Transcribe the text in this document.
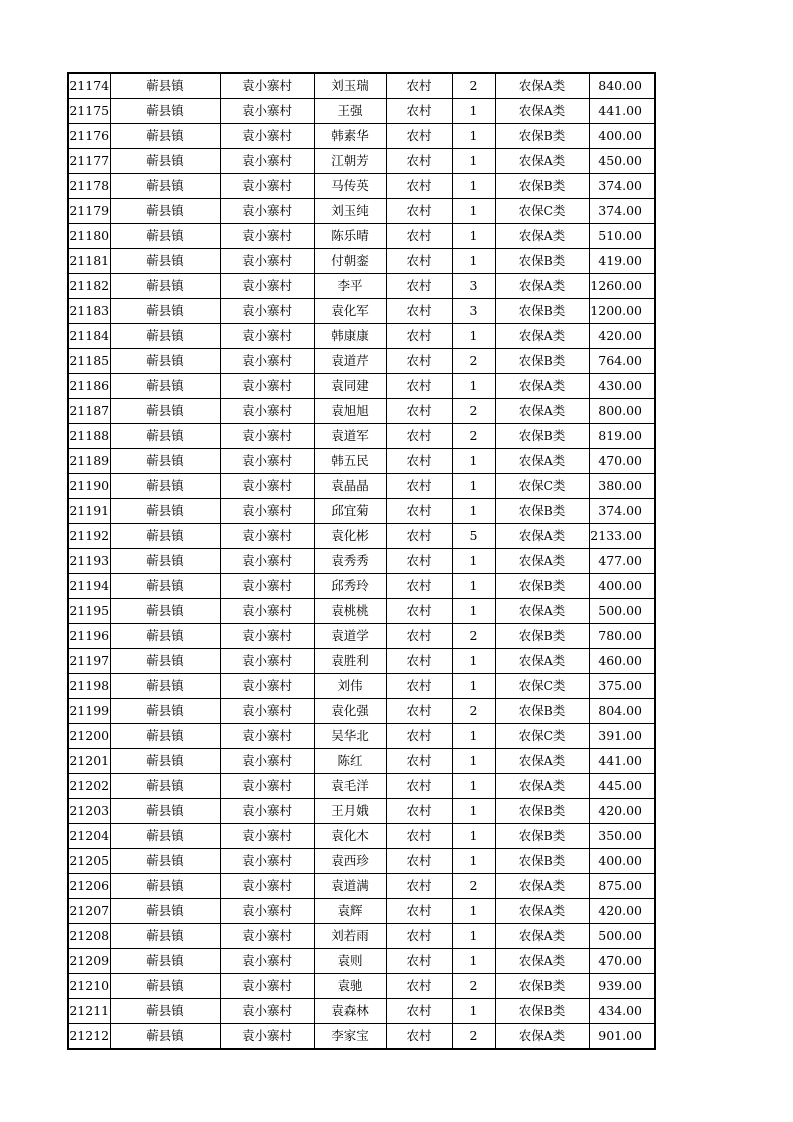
21174	蕲县镇	袁小寨村	刘玉瑞	农村	2	农保A类	840.00
21175	蕲县镇	袁小寨村	王强	农村	1	农保A类	441.00
21176	蕲县镇	袁小寨村	韩素华	农村	1	农保B类	400.00
21177	蕲县镇	袁小寨村	江朝芳	农村	1	农保A类	450.00
21178	蕲县镇	袁小寨村	马传英	农村	1	农保B类	374.00
21179	蕲县镇	袁小寨村	刘玉纯	农村	1	农保C类	374.00
21180	蕲县镇	袁小寨村	陈乐晴	农村	1	农保A类	510.00
21181	蕲县镇	袁小寨村	付朝銮	农村	1	农保B类	419.00
21182	蕲县镇	袁小寨村	李平	农村	3	农保A类	1260.00
21183	蕲县镇	袁小寨村	袁化军	农村	3	农保B类	1200.00
21184	蕲县镇	袁小寨村	韩康康	农村	1	农保A类	420.00
21185	蕲县镇	袁小寨村	袁道芹	农村	2	农保B类	764.00
21186	蕲县镇	袁小寨村	袁同建	农村	1	农保A类	430.00
21187	蕲县镇	袁小寨村	袁旭旭	农村	2	农保A类	800.00
21188	蕲县镇	袁小寨村	袁道军	农村	2	农保B类	819.00
21189	蕲县镇	袁小寨村	韩五民	农村	1	农保A类	470.00
21190	蕲县镇	袁小寨村	袁晶晶	农村	1	农保C类	380.00
21191	蕲县镇	袁小寨村	邱宜菊	农村	1	农保B类	374.00
21192	蕲县镇	袁小寨村	袁化彬	农村	5	农保A类	2133.00
21193	蕲县镇	袁小寨村	袁秀秀	农村	1	农保A类	477.00
21194	蕲县镇	袁小寨村	邱秀玲	农村	1	农保B类	400.00
21195	蕲县镇	袁小寨村	袁桃桃	农村	1	农保A类	500.00
21196	蕲县镇	袁小寨村	袁道学	农村	2	农保B类	780.00
21197	蕲县镇	袁小寨村	袁胜利	农村	1	农保A类	460.00
21198	蕲县镇	袁小寨村	刘伟	农村	1	农保C类	375.00
21199	蕲县镇	袁小寨村	袁化强	农村	2	农保B类	804.00
21200	蕲县镇	袁小寨村	吴华北	农村	1	农保C类	391.00
21201	蕲县镇	袁小寨村	陈红	农村	1	农保A类	441.00
21202	蕲县镇	袁小寨村	袁毛洋	农村	1	农保A类	445.00
21203	蕲县镇	袁小寨村	王月娥	农村	1	农保B类	420.00
21204	蕲县镇	袁小寨村	袁化木	农村	1	农保B类	350.00
21205	蕲县镇	袁小寨村	袁西珍	农村	1	农保B类	400.00
21206	蕲县镇	袁小寨村	袁道满	农村	2	农保A类	875.00
21207	蕲县镇	袁小寨村	袁辉	农村	1	农保A类	420.00
21208	蕲县镇	袁小寨村	刘若雨	农村	1	农保A类	500.00
21209	蕲县镇	袁小寨村	袁则	农村	1	农保A类	470.00
21210	蕲县镇	袁小寨村	袁驰	农村	2	农保B类	939.00
21211	蕲县镇	袁小寨村	袁森林	农村	1	农保B类	434.00
21212	蕲县镇	袁小寨村	李家宝	农村	2	农保A类	901.00
